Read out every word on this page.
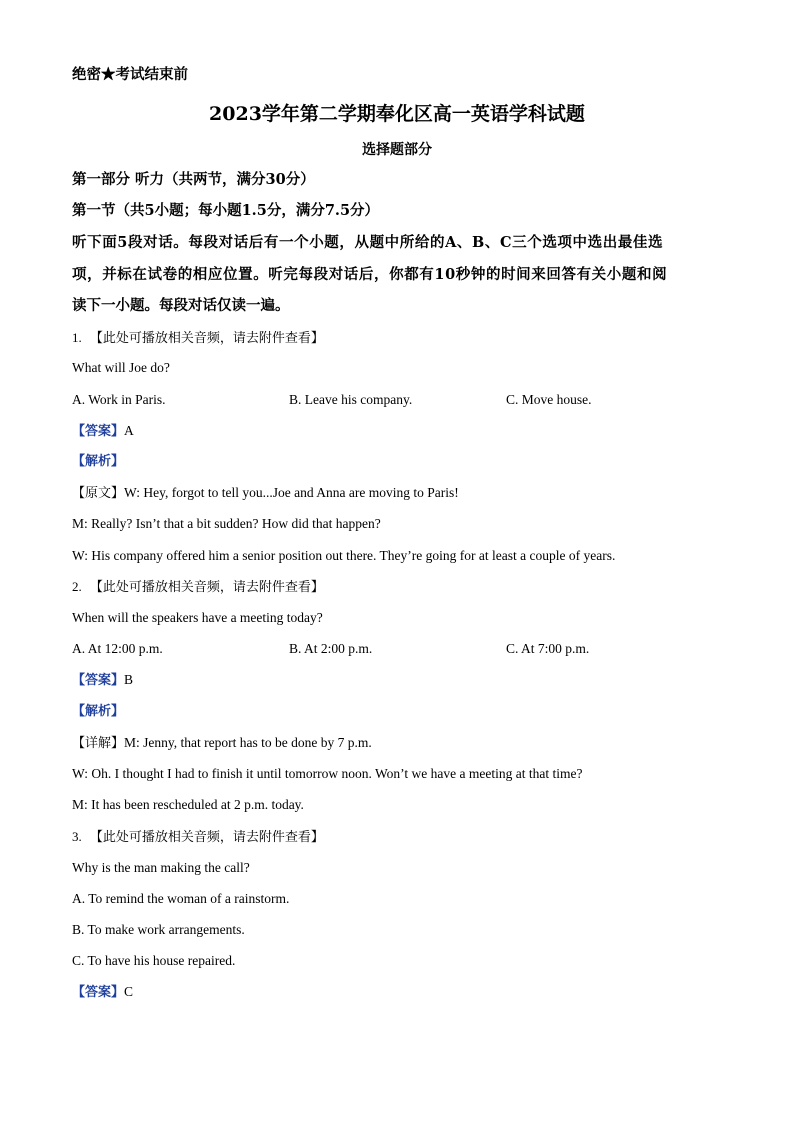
绝密★考试结束前
2023学年第二学期奉化区高一英语学科试题
选择题部分
第一部分 听力（共两节，满分30分）
第一节（共5小题；每小题1.5分，满分7.5分）
听下面5段对话。每段对话后有一个小题，从题中所给的A、B、C三个选项中选出最佳选
项，并标在试卷的相应位置。听完每段对话后，你都有10秒钟的时间来回答有关小题和阅
读下一小题。每段对话仅读一遍。
1. 【此处可播放相关音频，请去附件查看】
What will Joe do?
A. Work in Paris.	B. Leave his company.	C. Move house.
【答案】A
【解析】
【原文】W: Hey, forgot to tell you...Joe and Anna are moving to Paris!
M: Really? Isn’t that a bit sudden? How did that happen?
W: His company offered him a senior position out there. They’re going for at least a couple of years.
2. 【此处可播放相关音频，请去附件查看】
When will the speakers have a meeting today?
A. At 12:00 p.m.	B. At 2:00 p.m.	C. At 7:00 p.m.
【答案】B
【解析】
【详解】M: Jenny, that report has to be done by 7 p.m.
W: Oh. I thought I had to finish it until tomorrow noon. Won’t we have a meeting at that time?
M: It has been rescheduled at 2 p.m. today.
3. 【此处可播放相关音频，请去附件查看】
Why is the man making the call?
A. To remind the woman of a rainstorm.
B. To make work arrangements.
C. To have his house repaired.
【答案】C
